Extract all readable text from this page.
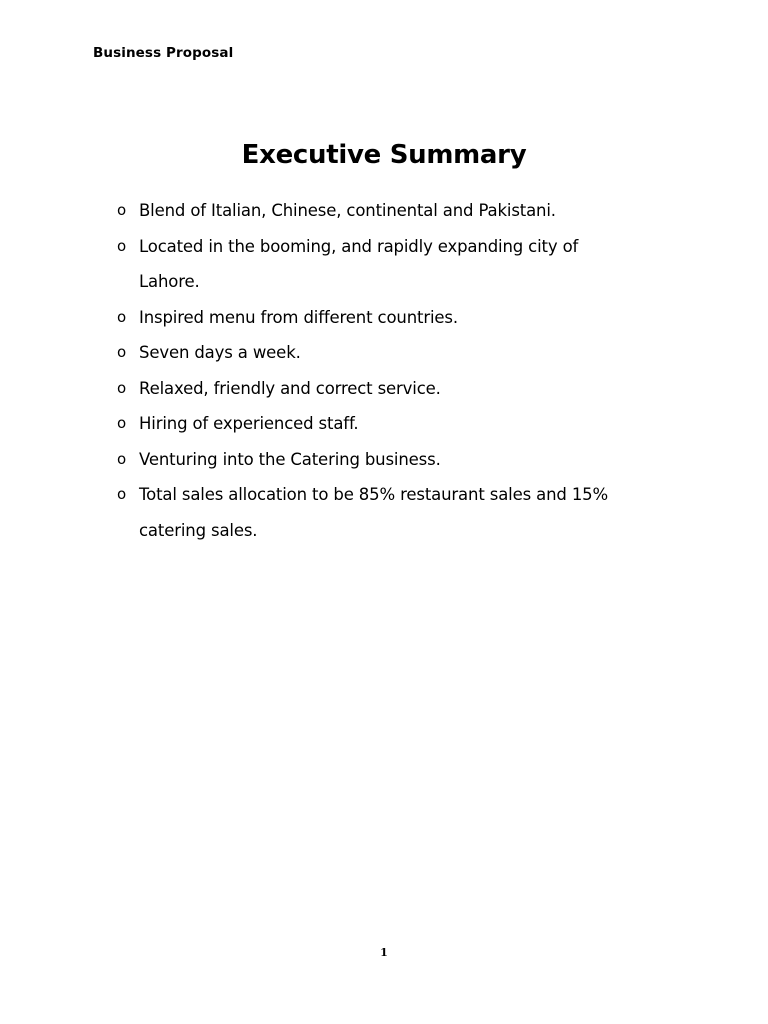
Business Proposal
Executive Summary
o Blend of Italian, Chinese, continental and Pakistani.
o Located in the booming, and rapidly expanding city of Lahore.
o Inspired menu from different countries.
o Seven days a week.
o Relaxed, friendly and correct service.
o Hiring of experienced staff.
o Venturing into the Catering business.
o Total sales allocation to be 85% restaurant sales and 15% catering sales.
1
